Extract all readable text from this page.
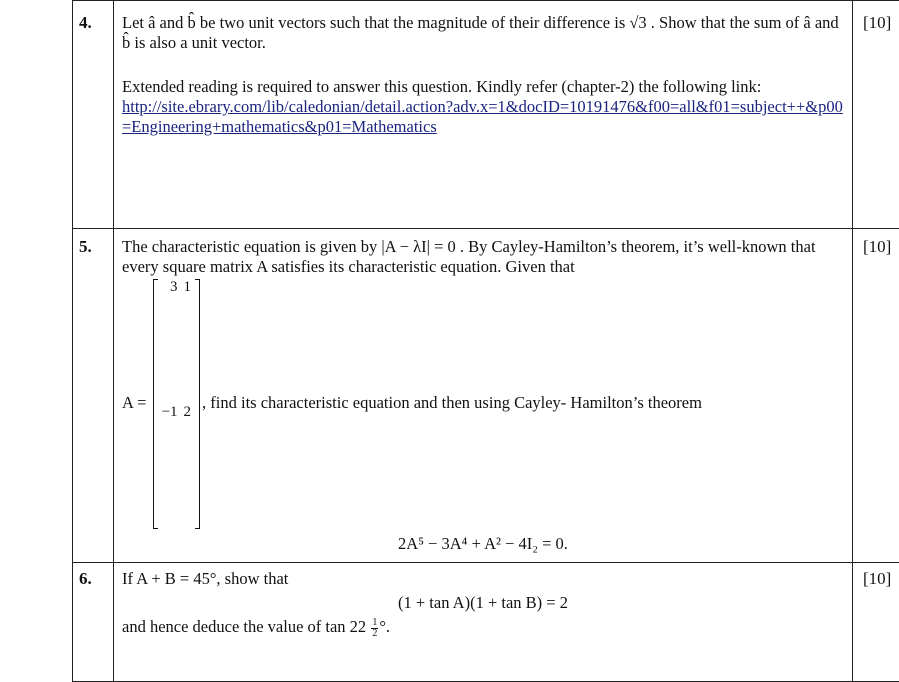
4.	Let â and b̂ be two unit vectors such that the magnitude of their difference is √3 . Show that the sum of â and b̂ is also a unit vector.
Extended reading is required to answer this question. Kindly refer (chapter-2) the following link:
http://site.ebrary.com/lib/caledonian/detail.action?adv.x=1&docID=10191476&f00=all&f01=subject++&p00=Engineering+mathematics&p01=Mathematics
	[10]
5.	The characteristic equation is given by |A − λI| = 0 . By Cayley-Hamilton’s theorem, it’s well-known that every square matrix A satisfies its characteristic equation. Given that
A =
3	1
−1	2
, find its characteristic equation and then using Cayley- Hamilton’s theorem
2A⁵ − 3A⁴ + A² − 4I₂ = 0.
	[10]
6.	If A + B = 45°, show that
(1 + tan A)(1 + tan B) = 2
and hence deduce the value of $\tan 22 \frac{1}{2}$ °.
	[10]
